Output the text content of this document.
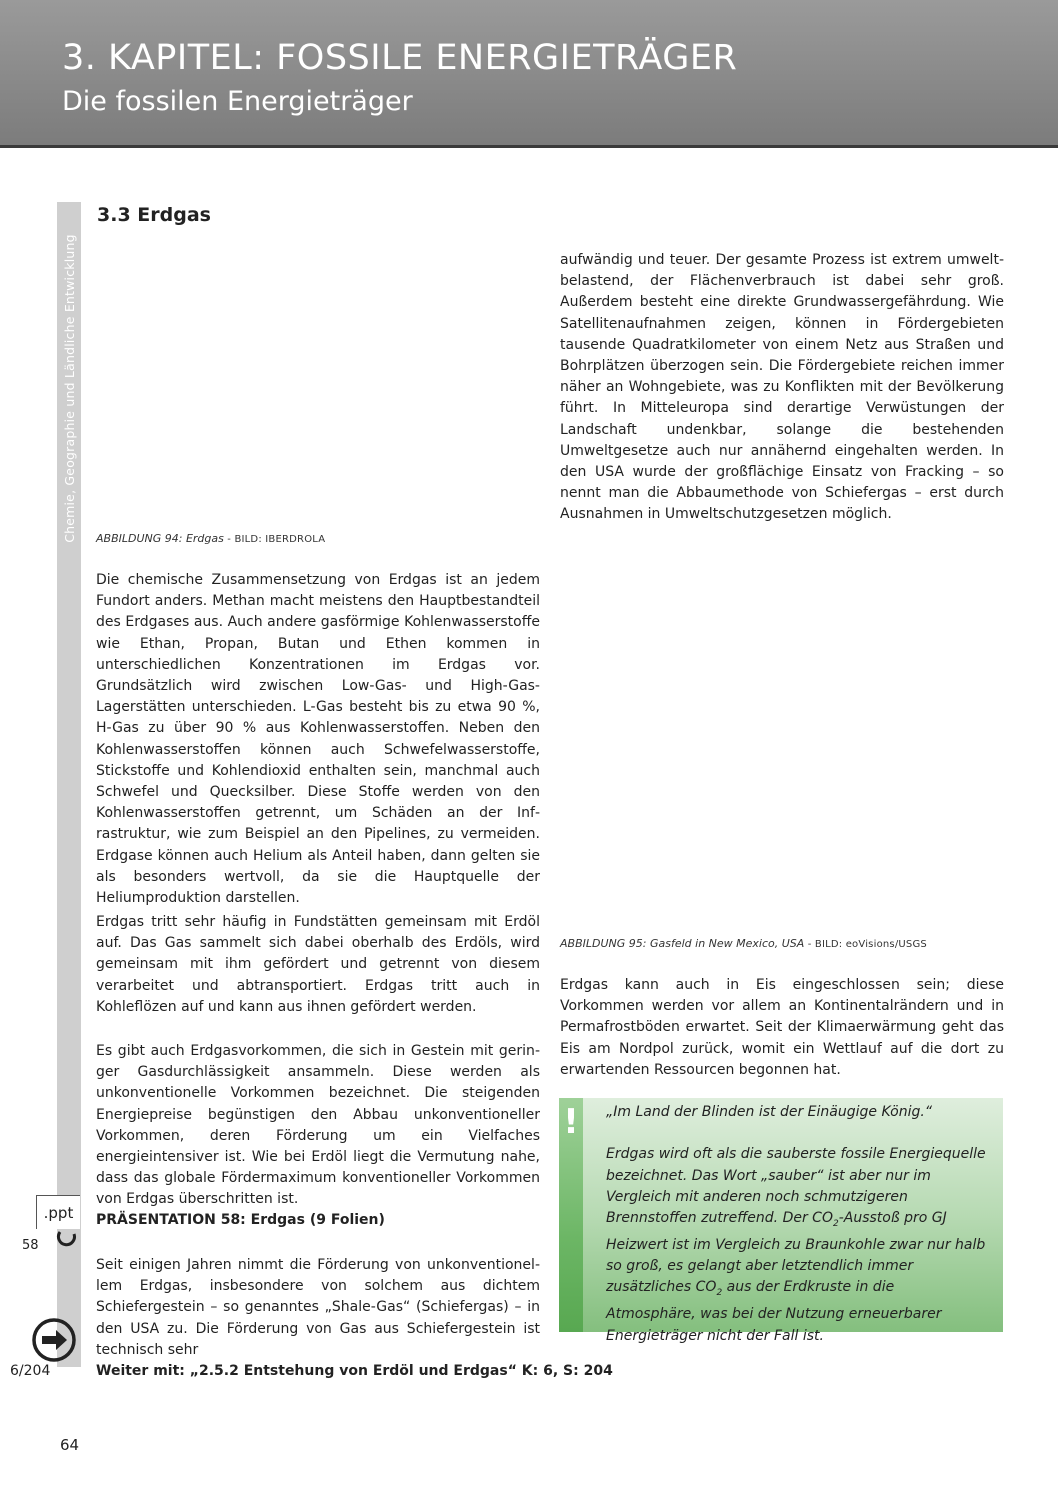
3. KAPITEL: FOSSILE ENERGIETRÄGER
Die fossilen Energieträger
Chemie, Geographie und Ländliche Entwicklung
.ppt
58
6/204
64
3.3 Erdgas
ABBILDUNG 94: Erdgas - BILD: IBERDROLA
Die chemische Zusammensetzung von Erdgas ist an jedem Fundort anders. Methan macht meistens den Hauptbestandteil des Erdgases aus. Auch andere gasförmige Kohlenwasserstoffe wie Ethan, Propan, Butan und Ethen kommen in unterschiedlichen Konzentrationen im Erdgas vor. Grundsätzlich wird zwischen Low-Gas- und High-Gas-Lagerstätten unterschieden. L-Gas besteht bis zu etwa 90 %, H-Gas zu über 90 % aus Kohlenwasserstoffen. Neben den Kohlenwasserstoffen können auch Schwefelwasserstoffe, Stickstoffe und Kohlendioxid enthalten sein, manchmal auch Schwefel und Quecksilber. Diese Stoffe werden von den Kohlenwasserstoffen getrennt, um Schäden an der Infrastruktur, wie zum Beispiel an den Pipelines, zu vermeiden. Erdgase können auch Helium als Anteil haben, dann gelten sie als besonders wertvoll, da sie die Hauptquelle der Heliumproduktion darstellen.
Erdgas tritt sehr häufig in Fundstätten gemeinsam mit Erdöl auf. Das Gas sammelt sich dabei oberhalb des Erdöls, wird gemeinsam mit ihm gefördert und getrennt von diesem verarbeitet und abtransportiert. Erdgas tritt auch in Kohleflözen auf und kann aus ihnen gefördert werden.
Es gibt auch Erdgasvorkommen, die sich in Gestein mit geringer Gasdurchlässigkeit ansammeln. Diese werden als unkonventionelle Vorkommen bezeichnet. Die steigenden Energiepreise begünstigen den Abbau unkonventioneller Vorkommen, deren Förderung um ein Vielfaches energieintensiver ist. Wie bei Erdöl liegt die Vermutung nahe, dass das globale Fördermaximum konventioneller Vorkommen von Erdgas überschritten ist.
PRÄSENTATION 58: Erdgas (9 Folien)
Seit einigen Jahren nimmt die Förderung von unkonventionellem Erdgas, insbesondere von solchem aus dichtem Schiefergestein – so genanntes „Shale-Gas“ (Schiefergas) – in den USA zu. Die Förderung von Gas aus Schiefergestein ist technisch sehr
Weiter mit: „2.5.2 Entstehung von Erdöl und Erdgas“ K: 6, S: 204
aufwändig und teuer. Der gesamte Prozess ist extrem umweltbelastend, der Flächenverbrauch ist dabei sehr groß. Außerdem besteht eine direkte Grundwassergefährdung. Wie Satellitenaufnahmen zeigen, können in Fördergebieten tausende Quadratkilometer von einem Netz aus Straßen und Bohrplätzen überzogen sein. Die Fördergebiete reichen immer näher an Wohngebiete, was zu Konflikten mit der Bevölkerung führt. In Mitteleuropa sind derartige Verwüstungen der Landschaft undenkbar, solange die bestehenden Umweltgesetze auch nur annähernd eingehalten werden. In den USA wurde der großflächige Einsatz von Fracking – so nennt man die Abbaumethode von Schiefergas – erst durch Ausnahmen in Umweltschutzgesetzen möglich.
ABBILDUNG 95: Gasfeld in New Mexico, USA - BILD: eoVisions/USGS
Erdgas kann auch in Eis eingeschlossen sein; diese Vorkommen werden vor allem an Kontinentalrändern und in Permafrostböden erwartet. Seit der Klimaerwärmung geht das Eis am Nordpol zurück, womit ein Wettlauf auf die dort zu erwartenden Ressourcen begonnen hat.
!	„Im Land der Blinden ist der Einäugige König.“

Erdgas wird oft als die sauberste fossile Energiequelle bezeichnet. Das Wort „sauber“ ist aber nur im Vergleich mit anderen noch schmutzigeren Brennstoffen zutreffend. Der $CO_2$-Ausstoß pro GJ Heizwert ist im Vergleich zu Braunkohle zwar nur halb so groß, es gelangt aber letztendlich immer zusätzliches $CO_2$ aus der Erdkruste in die Atmosphäre, was bei der Nutzung erneuerbarer Energieträger nicht der Fall ist.
